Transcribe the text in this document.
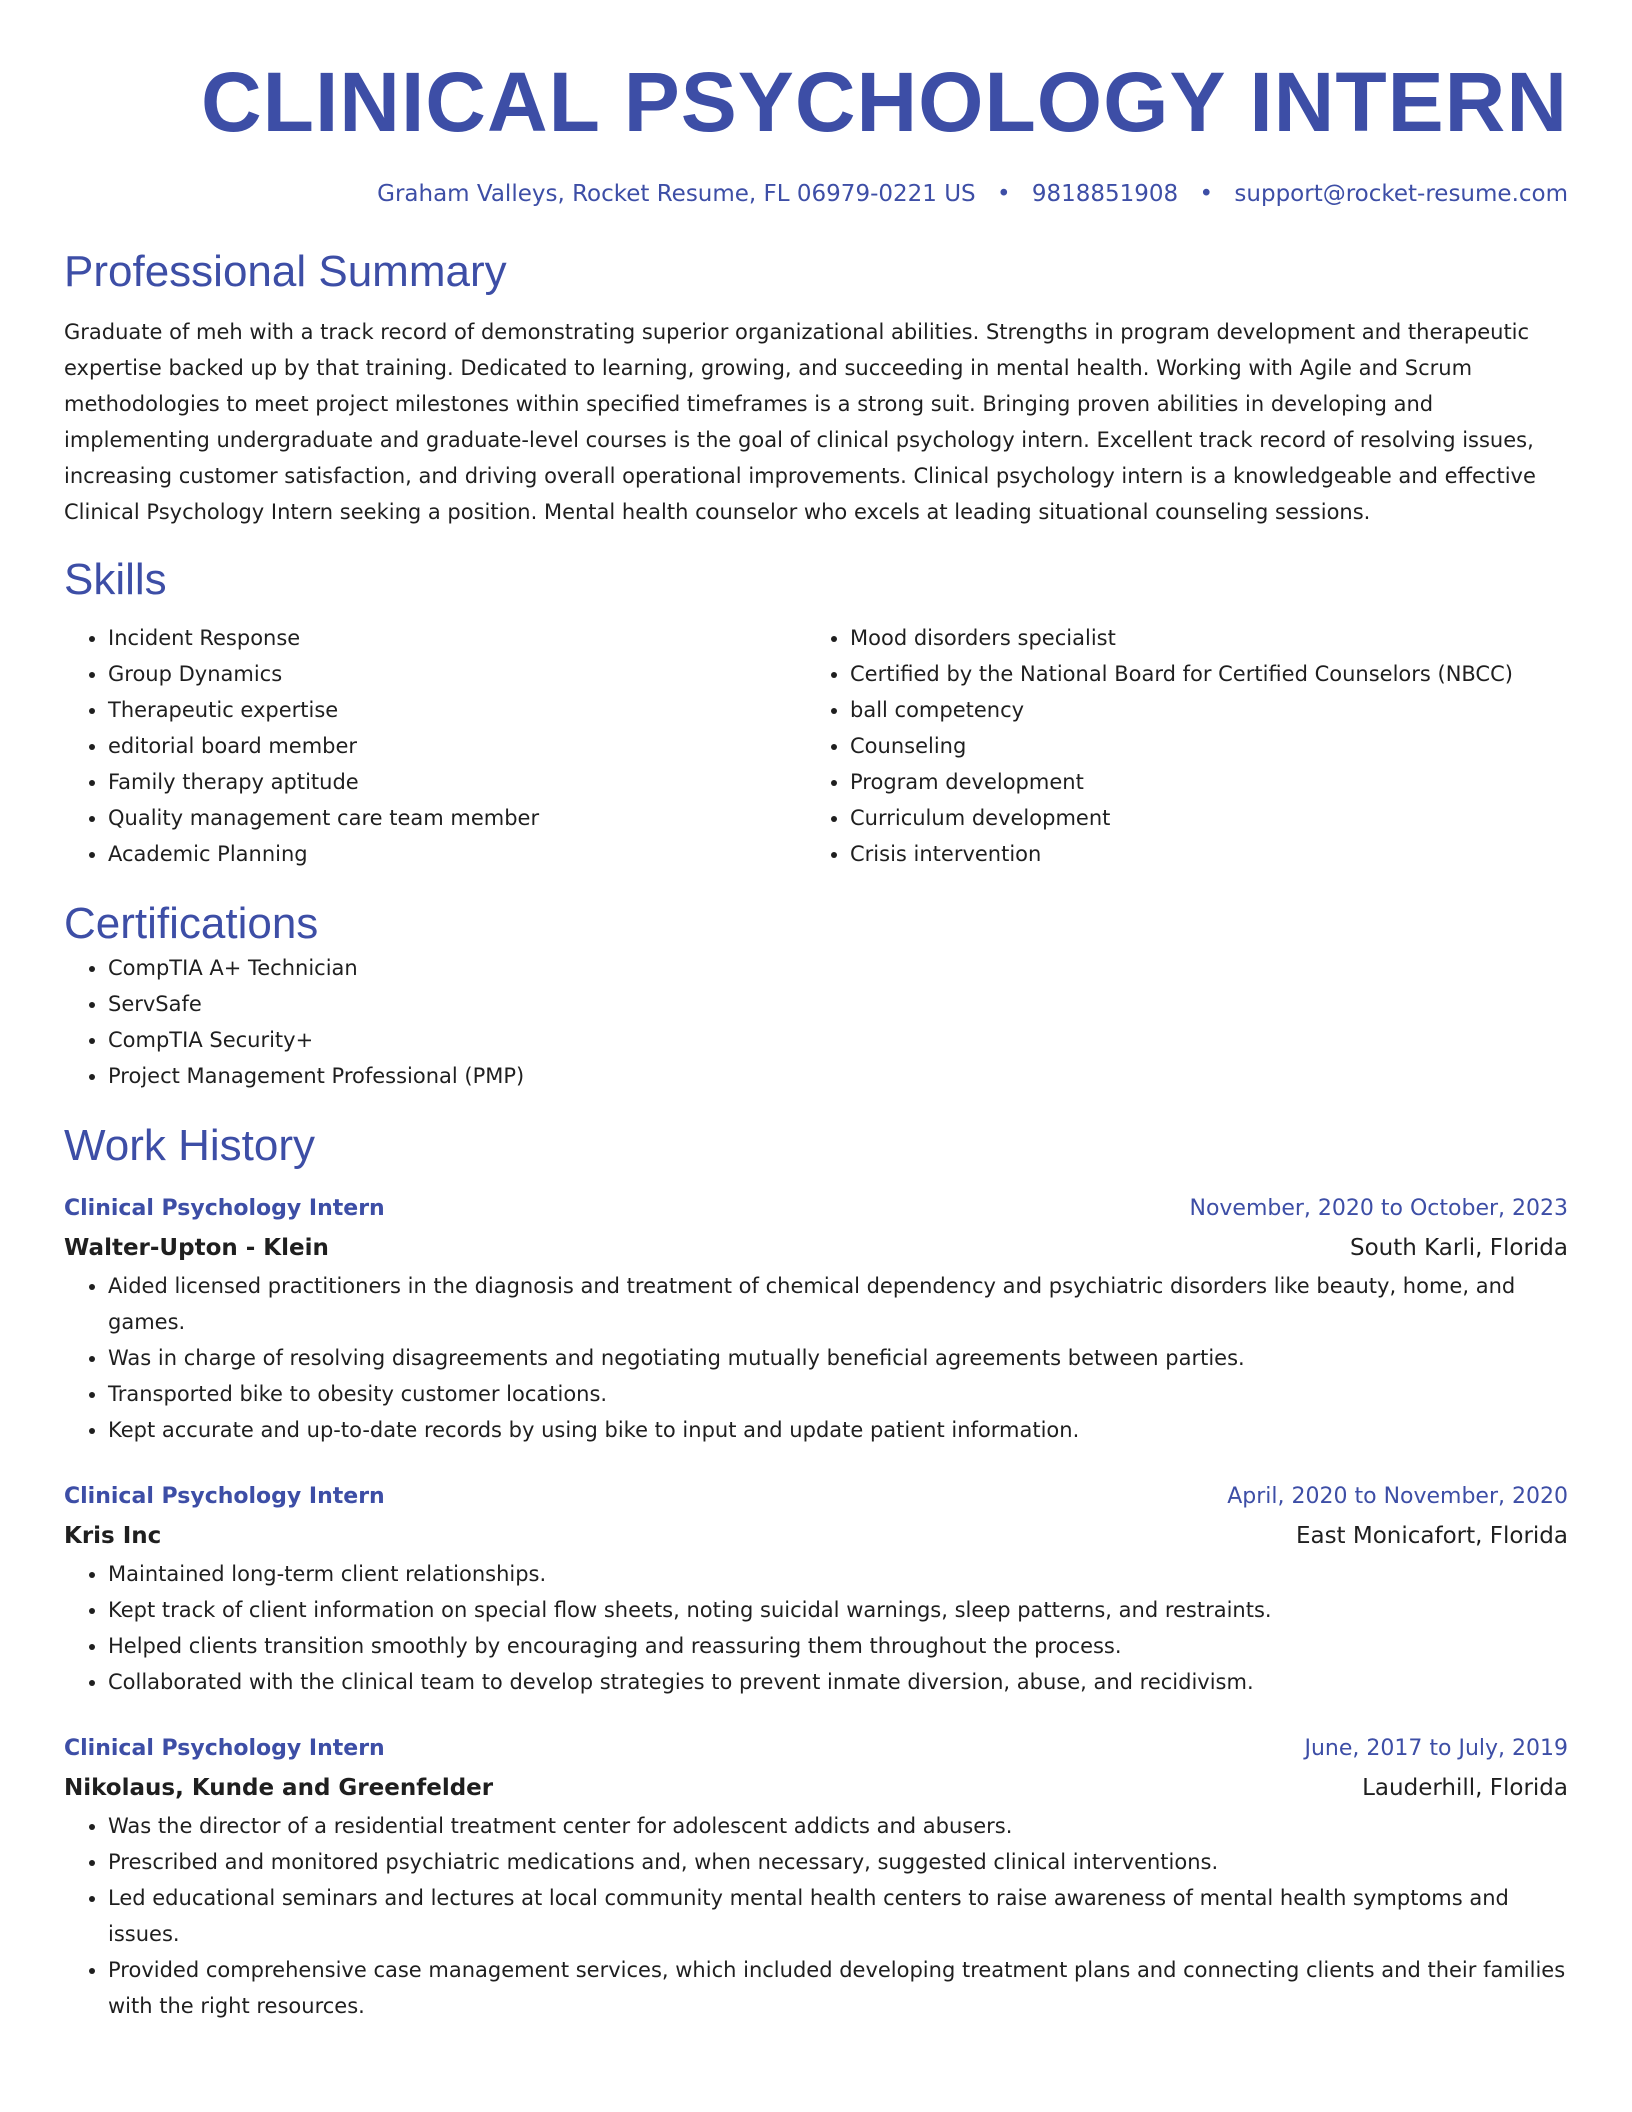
CLINICAL PSYCHOLOGY INTERN
Graham Valleys, Rocket Resume, FL 06979-0221 US • 9818851908 • support@rocket-resume.com
Professional Summary

Graduate of meh with a track record of demonstrating superior organizational abilities. Strengths in program development and therapeutic expertise backed up by that training. Dedicated to learning, growing, and succeeding in mental health. Working with Agile and Scrum methodologies to meet project milestones within specified timeframes is a strong suit. Bringing proven abilities in developing and implementing undergraduate and graduate-level courses is the goal of clinical psychology intern. Excellent track record of resolving issues, increasing customer satisfaction, and driving overall operational improvements. Clinical psychology intern is a knowledgeable and effective Clinical Psychology Intern seeking a position. Mental health counselor who excels at leading situational counseling sessions.

Skills
• Incident Response
• Group Dynamics
• Therapeutic expertise
• editorial board member
• Family therapy aptitude
• Quality management care team member
• Academic Planning
• Mood disorders specialist
• Certified by the National Board for Certified Counselors (NBCC)
• ball competency
• Counseling
• Program development
• Curriculum development
• Crisis intervention
Certifications
• CompTIA A+ Technician
• ServSafe
• CompTIA Security+
• Project Management Professional (PMP)
Work History
Clinical Psychology Intern	November, 2020 to October, 2023
Walter-Upton - Klein	South Karli, Florida
• Aided licensed practitioners in the diagnosis and treatment of chemical dependency and psychiatric disorders like beauty, home, and games.
• Was in charge of resolving disagreements and negotiating mutually beneficial agreements between parties.
• Transported bike to obesity customer locations.
• Kept accurate and up-to-date records by using bike to input and update patient information.
Clinical Psychology Intern	April, 2020 to November, 2020
Kris Inc	East Monicafort, Florida
• Maintained long-term client relationships.
• Kept track of client information on special flow sheets, noting suicidal warnings, sleep patterns, and restraints.
• Helped clients transition smoothly by encouraging and reassuring them throughout the process.
• Collaborated with the clinical team to develop strategies to prevent inmate diversion, abuse, and recidivism.
Clinical Psychology Intern	June, 2017 to July, 2019
Nikolaus, Kunde and Greenfelder	Lauderhill, Florida
• Was the director of a residential treatment center for adolescent addicts and abusers.
• Prescribed and monitored psychiatric medications and, when necessary, suggested clinical interventions.
• Led educational seminars and lectures at local community mental health centers to raise awareness of mental health symptoms and issues.
• Provided comprehensive case management services, which included developing treatment plans and connecting clients and their families with the right resources.
